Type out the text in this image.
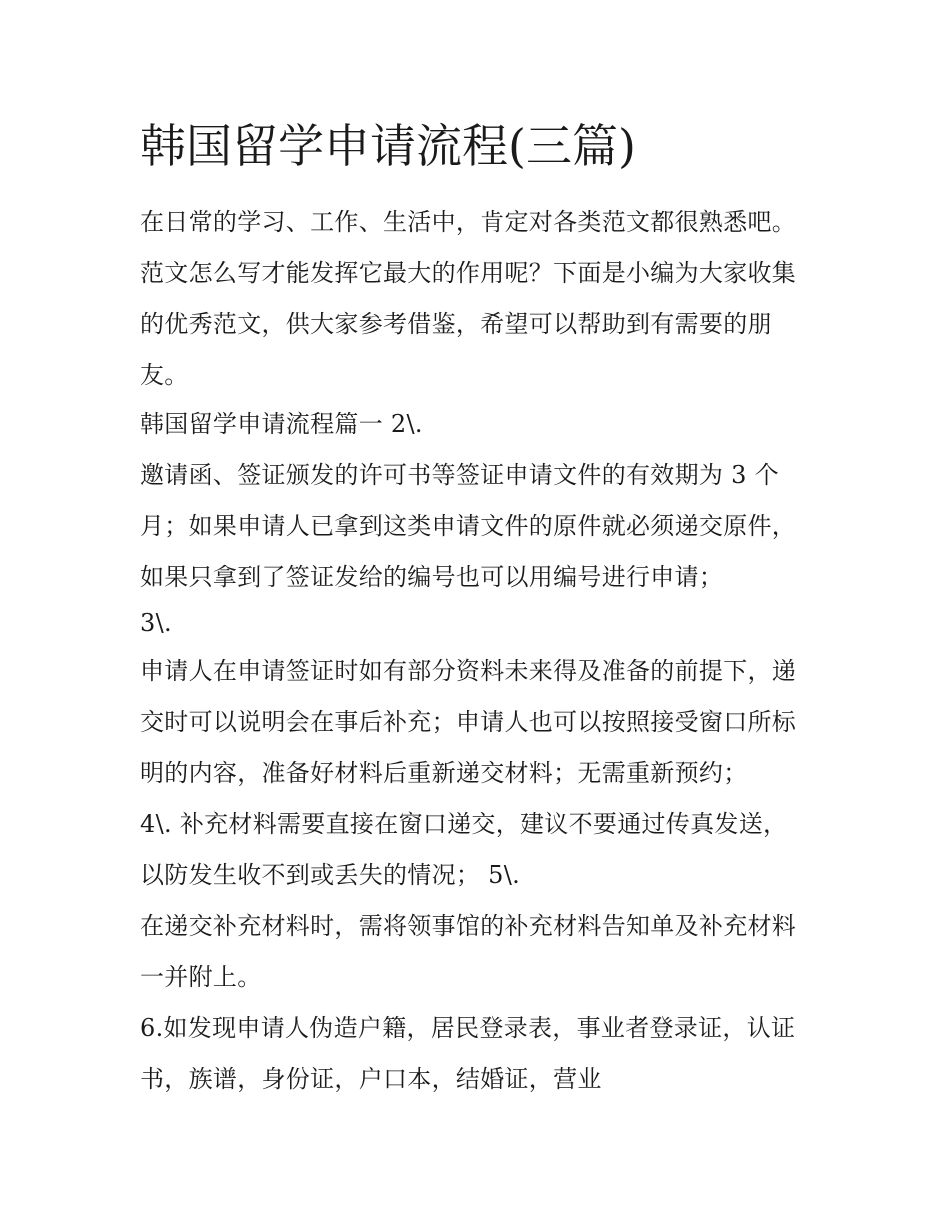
韩国留学申请流程(三篇)

在日常的学习、工作、生活中，肯定对各类范文都很熟悉吧。

范文怎么写才能发挥它最大的作用呢？下面是小编为大家收集

的优秀范文，供大家参考借鉴，希望可以帮助到有需要的朋

友。

韩国留学申请流程篇一 2\.

邀请函、签证颁发的许可书等签证申请文件的有效期为 3 个

月；如果申请人已拿到这类申请文件的原件就必须递交原件，

如果只拿到了签证发给的编号也可以用编号进行申请；

3\.

申请人在申请签证时如有部分资料未来得及准备的前提下，递

交时可以说明会在事后补充；申请人也可以按照接受窗口所标

明的内容，准备好材料后重新递交材料；无需重新预约；

4\. 补充材料需要直接在窗口递交，建议不要通过传真发送，

以防发生收不到或丢失的情况； 5\.

在递交补充材料时，需将领事馆的补充材料告知单及补充材料

一并附上。

6.如发现申请人伪造户籍，居民登录表，事业者登录证，认证

书，族谱，身份证，户口本，结婚证，营业
